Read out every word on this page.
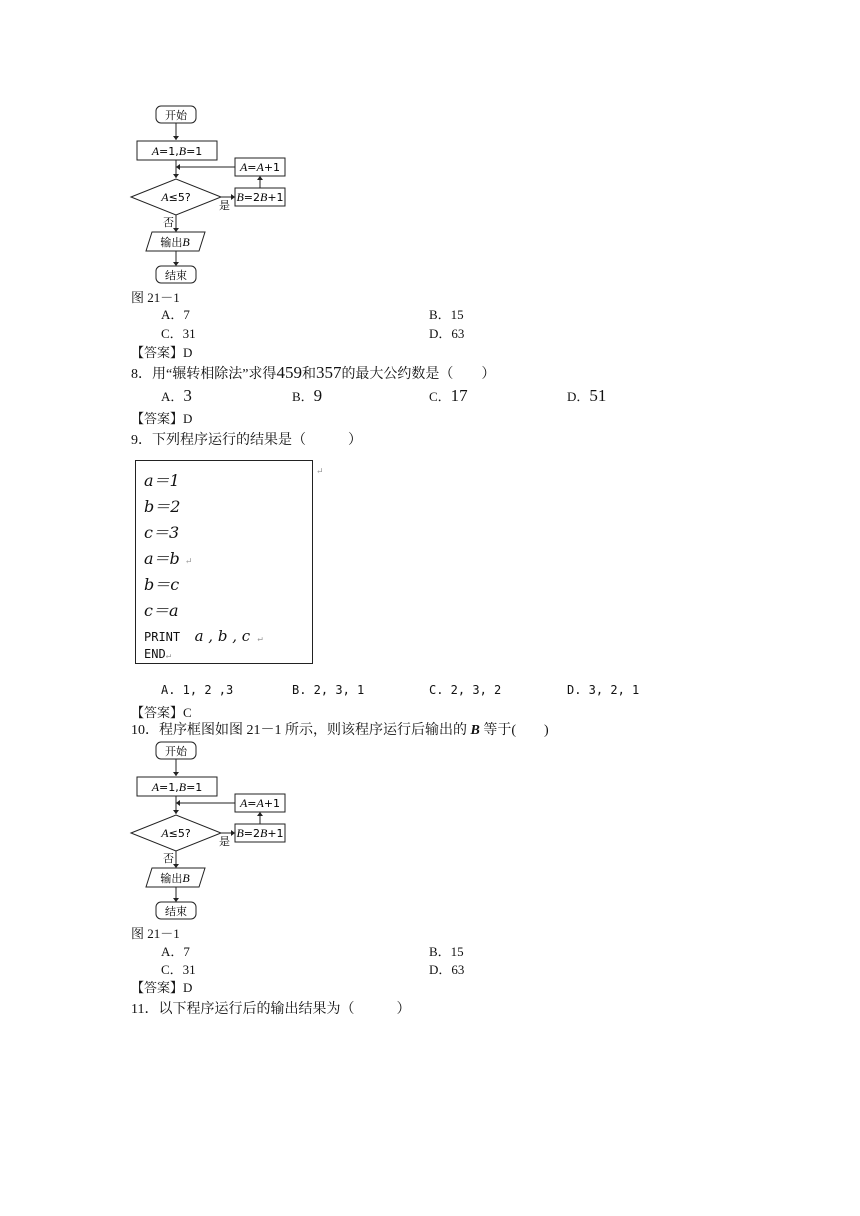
开始
A=1,B=1
A=A+1
A≤5?
是
B=2B+1
否
输出B
结束
图 21－1
A．7	B．15
C．31	D．63
【答案】D
8．用“辗转相除法”求得459和357的最大公约数是（　　）
A．3	B．9	C．17	D．51
【答案】D
9．下列程序运行的结果是（　　　）
a＝1
b＝2
c＝3
a＝b ↵
b＝c
c＝a
PRINT a , b , c ↵
END↵
↵
A. 1, 2 ,3	B. 2, 3, 1	C. 2, 3, 2	D. 3, 2, 1
【答案】C
10．程序框图如图 21－1 所示，则该程序运行后输出的 B 等于(　　)
开始
A=1,B=1
A=A+1
A≤5?
是
B=2B+1
否
输出B
结束
图 21－1
A．7	B．15
C．31	D．63
【答案】D
11．以下程序运行后的输出结果为（　　　）
